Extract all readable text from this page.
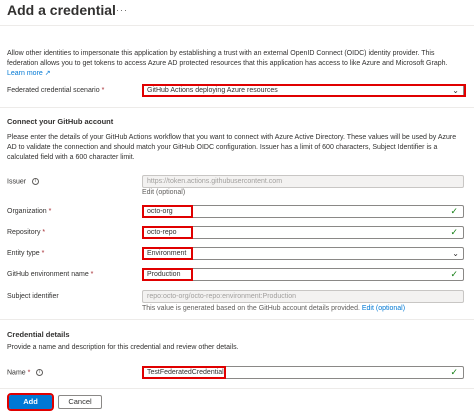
Add a credential ···
Allow other identities to impersonate this application by establishing a trust with an external OpenID Connect (OIDC) identity provider. This federation allows you to get tokens to access Azure AD protected resources that this application has access to like Azure and Microsoft Graph. Learn more ↗
Federated credential scenario *	GitHub Actions deploying Azure resources	⌄
Connect your GitHub account
Please enter the details of your GitHub Actions workflow that you want to connect with Azure Active Directory. These values will be used by Azure AD to validate the connection and should match your GitHub OIDC configuration. Issuer has a limit of 600 characters, Subject Identifier is a calculated field with a 600 character limit.
Issuer i	https://token.actions.githubusercontent.com
Edit (optional)
Organization *	octo-org	✓
Repository *	octo-repo	✓
Entity type *	Environment	⌄
GitHub environment name *	Production	✓
Subject identifier	repo:octo-org/octo-repo:environment:Production
This value is generated based on the GitHub account details provided. Edit (optional)
Credential details
Provide a name and description for this credential and review other details.
Name * i	TestFederatedCredential	✓
Add	Cancel
